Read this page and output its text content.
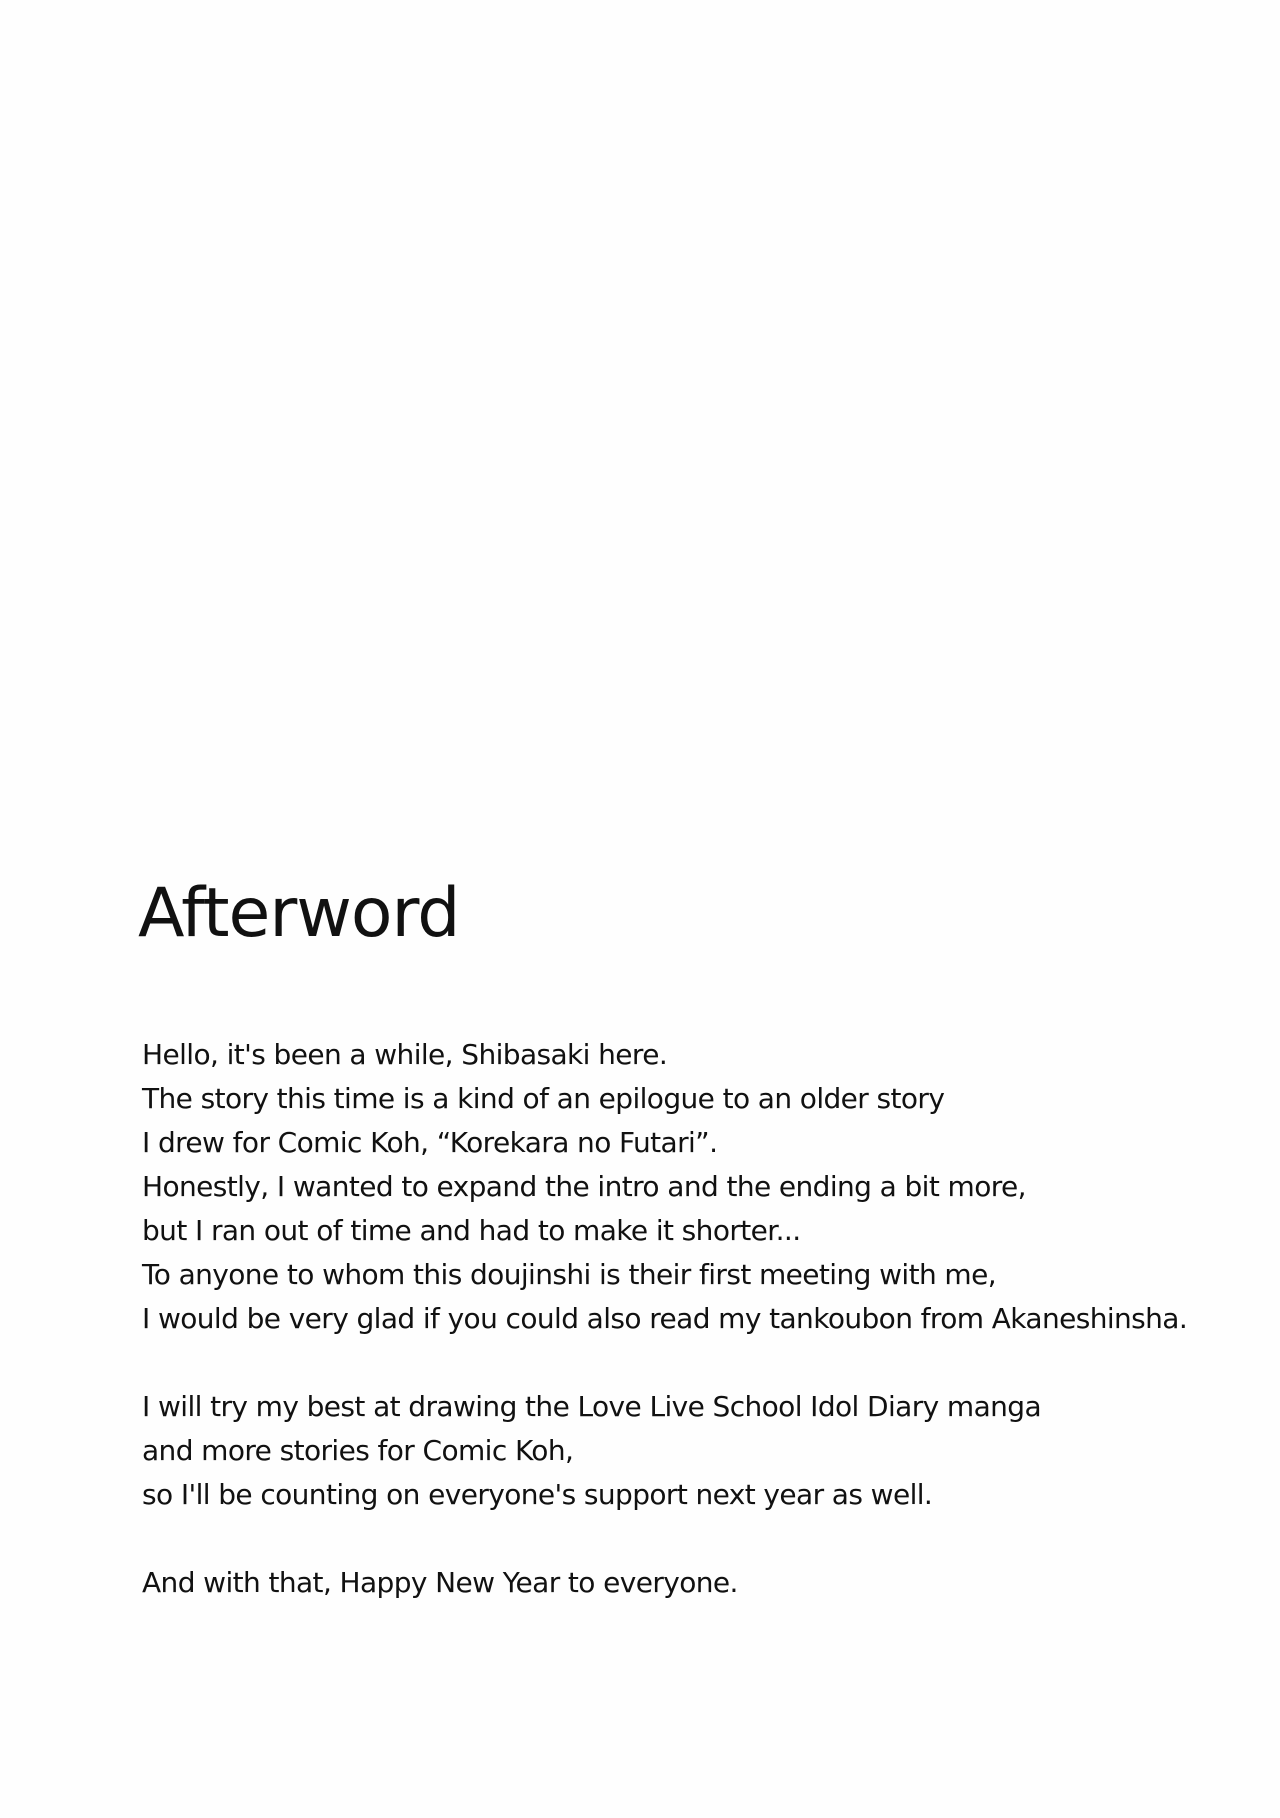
Afterword

Hello, it's been a while, Shibasaki here.
The story this time is a kind of an epilogue to an older story
I drew for Comic Koh, “Korekara no Futari”.
Honestly, I wanted to expand the intro and the ending a bit more,
but I ran out of time and had to make it shorter...
To anyone to whom this doujinshi is their first meeting with me,
I would be very glad if you could also read my tankoubon from Akaneshinsha.

I will try my best at drawing the Love Live School Idol Diary manga
and more stories for Comic Koh,
so I'll be counting on everyone's support next year as well.

And with that, Happy New Year to everyone.
